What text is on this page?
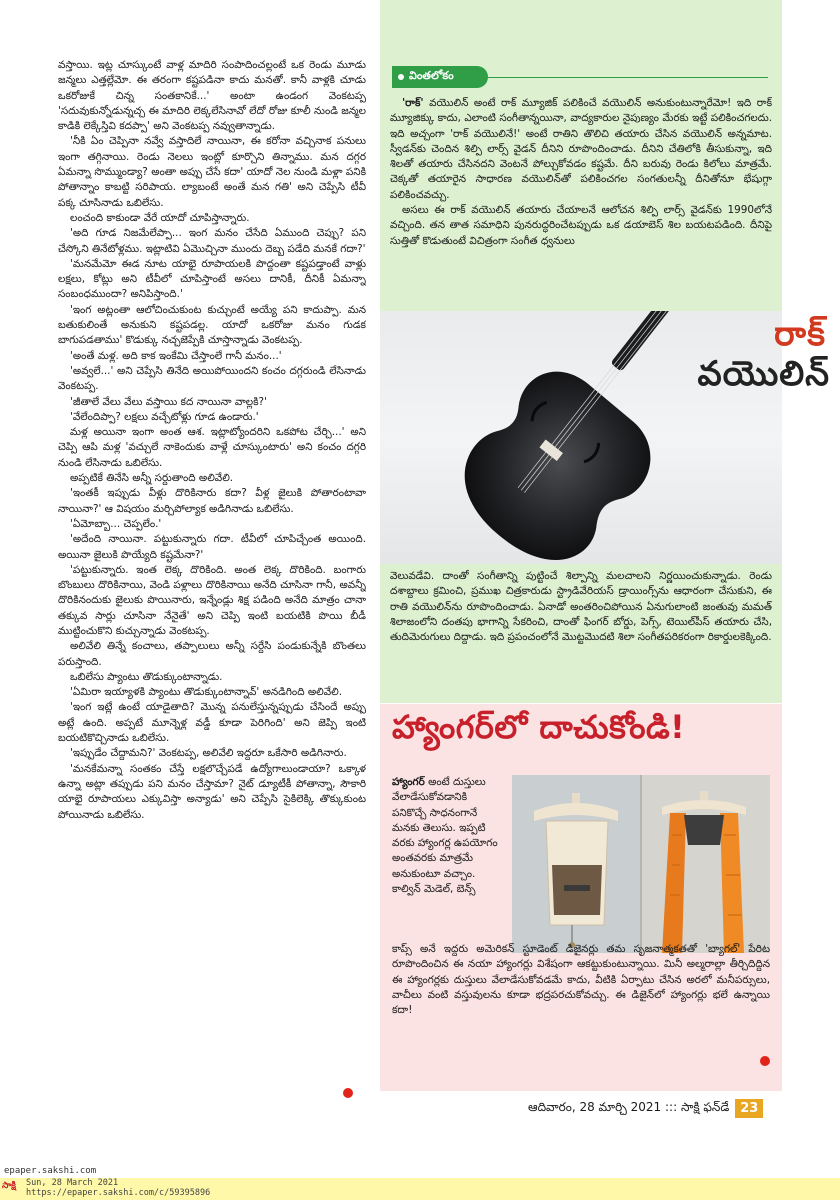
వస్తాయి. ఇట్ల చూస్కుంటే వాళ్ల మాదిరి సంపాదించల్లంటే ఒక రెండు మూడు జన్మలు ఎత్తల్లేమో. ఈ తరంగా కష్టపడినా కాదు మనతో. కానీ వాళ్లకి చూడు ఒకరోజుకే చిన్న సంతకానికే...' అంటా ఉండంగ వెంకటప్ప 'సదువుకున్నోడున్నచ్చ ఈ మాదిరి లెక్కలేసినావో లేదో రోజు కూలీ నుండి జన్మల కాడికి లెక్కేస్తివి కదప్పా' అని వెంకటప్ప నవ్వుతాన్నాడు.

'నీకి ఏం చెప్పినా నవ్వే వస్తాదిలే నాయినా, ఈ కరోనా వచ్చినాక పనులు ఇంగా తగ్గినాయి. రెండు నెలలు ఇంట్లో కూర్చొని తిన్నాము. మన దగ్గర ఏమన్నా సొమ్ముండ్యా? అంతా అప్పు చేసే కదా' యాదో నెల నుండి మళ్లా పనికి పోతాన్నాం కాబట్టి సరిపాయ. ల్యాబంటే అంతే మన గతి' అని చెప్పేసి టీవీ పక్క చూసినాడు ఒబిలేసు.

లంచంది కాకుండా వేరే యాదో చూపిస్తాన్నారు.

'అది గూడ నిజమేలేప్పా... ఇంగ మనం చేసేది ఏముంది చెప్పు? పని చేస్కోని తినేటోళ్లము. ఇట్లాటివి ఏమొచ్చినా ముందు దెబ్బ పడేది మనకే గదా?'

'మనమేమో ఈడ నూట యాభై రూపాయలకి పొద్దంతా కష్టపడ్తాంటే వాళ్లు లక్షలు, కోట్లు అని టీవీలో చూపిస్తాంటే అసలు దానికీ, దీనికీ ఏమన్నా సంబంధముందా? అనిపిస్తాంది.'

'ఇంగ అట్లంతా ఆలోచించుకుంట కుచ్చుంటే అయ్యే పని కాదుప్పా. మన బతుకులింతే అనుకుని కష్టపడల్ల. యాదో ఒకరోజు మనం గుడక బాగుపడతాము' కొడుక్కు నచ్చజెప్పేకి చూస్తాన్నాడు వెంకటప్ప.

'అంతే మళ్ల. అది కాక ఇంకేమి చేస్తాంలే గానీ మనం...'

'అవ్వలే...' అని చెప్పేసి తినేది అయిపోయిందని కంచం దగ్గరుండి లేసినాడు వెంకటప్ప.

'జీతాలే వేలు వేలు వస్తాయి కద నాయినా వాల్లకి?'

'వేలేందిప్పా? లక్షలు వచ్చేటోళ్లు గూడ ఉండారు.'

మళ్ల అయినా ఇంగా అంత ఆశ. ఇట్లాట్యోందరిని ఒకపోట చేర్చి...' అని చెప్పి ఆపి మళ్ల 'వచ్చులే నాకెందుకు వాళ్లే చూస్కుంటారు' అని కంచం దగ్గరి నుండి లేసినాడు ఒబిలేసు.

అప్పటికే తినేసి అన్నీ సర్దుతాంది అలివేలి.

'ఇంతకీ ఇప్పుడు వీళ్లు దొరికినారు కదా? వీళ్ల జైలుకి పోతారంటావా నాయినా?' ఆ విషయం మర్చిపోల్యాక అడిగినాడు ఒబిలేసు.

'ఏమోబ్బా... చెప్పలేం.'

'అదేంది నాయినా. పట్టుకున్నారు గదా. టీవీలో చూపిచ్చేంత అయింది. అయినా జైలుకి పొయ్యేది కష్టమేనా?'

'పట్టుకున్నారు. ఇంత లెక్క దొరికింది. అంత లెక్క దొరికింది. బంగారు బొంబులు దొరికినాయి, వెండి పళ్లాలు దొరికినాయి అనేది చూసినా గానీ, అవన్నీ దొరికినందుకు జైలుకు పొయినారు, ఇన్నేండ్లు శిక్ష పడింది అనేది మాత్రం చానా తక్కువ సార్లు చూసినా నేనైతే' అని చెప్పి ఇంటి బయటికి పొయి బీడీ ముట్టించుకొని కుచ్చున్నాడు వెంకటప్ప.

అలివేలి తిన్నే కంచాలు, తప్పాలులు అన్నీ సర్దేసి పండుకున్నేకి బొంతలు పరుస్తాంది.

ఒబిలేసు ప్యాంటు తొడుక్కుంటాన్నాడు.

'ఏమిరా ఇయ్యాళకి ప్యాంటు తొడుక్కుంటాన్నావ్' అనడిగింది అలివేలి.

'ఇంగ ఇట్లే ఉంటే యాడైతాది? మొన్న పనులేస్తున్నప్పుడు చేసిందే అప్పు అట్లే ఉంది. అప్పటే మూన్నెళ్ల వడ్డీ కూడా పెరిగింది' అని జెప్పి ఇంటి బయటికొచ్చినాడు ఒబిలేసు.

'ఇప్పుడేం చేద్దామని?' వెంకటప్ప, అలివేలి ఇద్దరూ ఒకేసారి అడిగినారు.

'మనకేమన్నా సంతకం చేస్తే లక్షలొచ్చేపడే ఉద్యోగాలుండాయా? ఒక్కాళ ఉన్నా అట్లా తప్పుడు పని మనం చేస్తామా? నైట్ డ్యూటీకీ పోతాన్నా, సౌకారి యాభై రూపాయలు ఎక్కువిస్తా అన్యాడు' అని చెప్పేసి సైకిలెక్కి తొక్కుకుంట పోయినాడు ఒబిలేసు.

వింతలోకం

'రాక్' వయొలిన్ అంటే రాక్ మ్యూజిక్ పలికించే వయొలిన్ అనుకుంటున్నారేమో! ఇది రాక్ మ్యూజిక్కు కాదు, ఎలాంటి సంగీతాన్నయినా, వాద్యకారుల నైపుణ్యం మేరకు ఇట్టే పలికించగలదు. ఇది అచ్చంగా 'రాక్ వయొలినే!' అంటే రాతిని తొలిచి తయారు చేసిన వయొలిన్ అన్నమాట. స్వీడన్‌కు చెందిన శిల్పి లార్స్ వైడన్ దీనిని రూపొందించాడు. దీనిని చేతిలోకి తీసుకున్నా, ఇది శిలతో తయారు చేసినదని వెంటనే పోల్చుకోవడం కష్టమే. దీని బరువు రెండు కిలోలు మాత్రమే. చెక్కతో తయారైన సాధారణ వయొలిన్‌తో పలికించగల సంగతులన్నీ దీనితోనూ భేషుగ్గా పలికించవచ్చు.

అసలు ఈ రాక్ వయొలిన్ తయారు చేయాలనే ఆలోచన శిల్పి లార్స్ వైడన్‌కు 1990లోనే వచ్చింది. తన తాత సమాధిని పునరుద్ధరించేటప్పుడు ఒక డయాబెస్ శిల బయటపడింది. దీనిపై సుత్తితో కొడుతుంటే విచిత్రంగా సంగీత ధ్వనులు

రాక్
వయొలిన్

వెలువడేవి. దాంతో సంగీతాన్ని పుట్టించే శిల్పాన్ని మలచాలని నిర్ణయించుకున్నాడు. రెండు దశాబ్దాలు క్రమించి, ప్రముఖ చిత్రకారుడు స్ట్రాడివేరియస్ డ్రాయింగ్స్‌ను ఆధారంగా చేసుకుని, ఈ రాతి వయొలిన్‌ను రూపొందించాడు. ఏనాడో అంతరించిపోయిన ఏనుగులాంటి జంతువు మమత్ శిలాజంలోని దంతపు భాగాన్ని సేకరించి, దాంతో ఫింగర్ బోర్డు, పెగ్స్, టెయిల్‌పీస్ తయారు చేసి, తుదిమెరుగులు దిద్దాడు. ఇది ప్రపంచంలోనే మొట్టమొదటి శిలా సంగీతపరికరంగా రికార్డులకెక్కింది.

హ్యాంగర్‌లో దాచుకోండి!

హ్యాంగర్ అంటే దుస్తులు వేలాడేసుకోవడానికి పనికొచ్చే సాధనంగానే మనకు తెలుసు. ఇప్పటి వరకు హ్యాంగర్ల ఉపయోగం అంతవరకు మాత్రమే అనుకుంటూ వచ్చాం. కాల్విన్ మెడెల్, బెన్స్

కాప్స్ అనే ఇద్దరు అమెరికన్ స్టూడెంట్ డిజైనర్లు తమ సృజనాత్మకతతో 'బ్యాగల్' పేరిట రూపొందించిన ఈ నయా హ్యాంగర్లు విశేషంగా ఆకట్టుకుంటున్నాయి. మినీ అల్మరాల్లా తీర్చిదిద్దిన ఈ హ్యాంగర్లకు దుస్తులు వేలాడేసుకోవడమే కాదు, వీటికి ఏర్పాటు చేసిన అరలో మనీపర్సులు, వాచీలు వంటి వస్తువులను కూడా భద్రపరచుకోవచ్చు. ఈ డిజైన్‌లో హ్యాంగర్లు భలే ఉన్నాయి కదా!

ఆదివారం, 28 మార్చి 2021 ::: సాక్షి ఫన్‌డే 23
epaper.sakshi.com
సాక్షి Sun, 28 March 2021
https://epaper.sakshi.com/c/59395896
